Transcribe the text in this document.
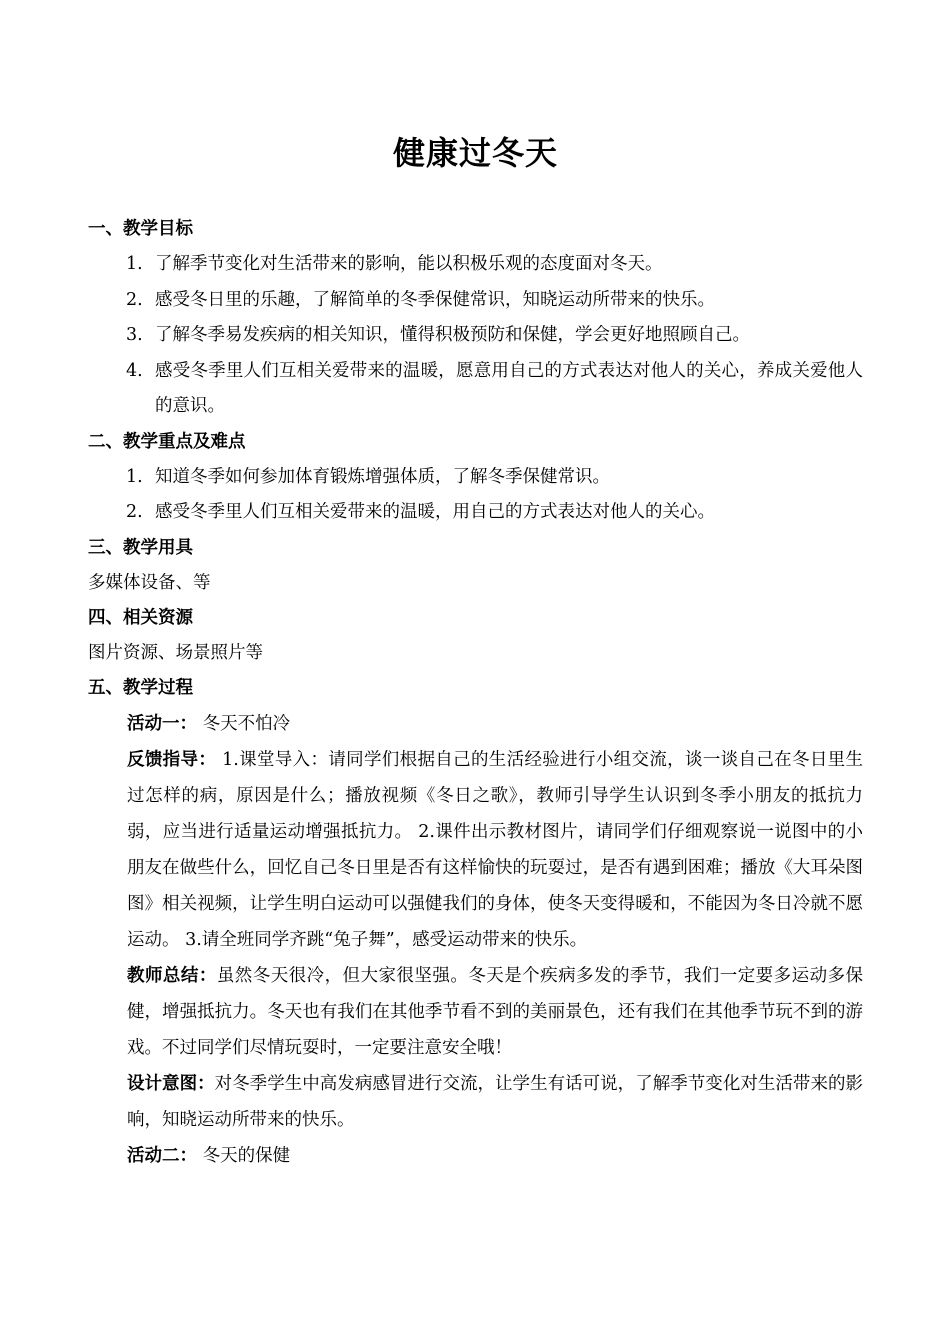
健康过冬天
一、教学目标
1. 了解季节变化对生活带来的影响，能以积极乐观的态度面对冬天。
2. 感受冬日里的乐趣，了解简单的冬季保健常识，知晓运动所带来的快乐。
3. 了解冬季易发疾病的相关知识，懂得积极预防和保健，学会更好地照顾自己。
4. 感受冬季里人们互相关爱带来的温暖，愿意用自己的方式表达对他人的关心，养成关爱他人的意识。
二、教学重点及难点
1. 知道冬季如何参加体育锻炼增强体质，了解冬季保健常识。
2. 感受冬季里人们互相关爱带来的温暖，用自己的方式表达对他人的关心。
三、教学用具
多媒体设备、等
四、相关资源
图片资源、场景照片等
五、教学过程
活动一： 冬天不怕冷
反馈指导： 1.课堂导入：请同学们根据自己的生活经验进行小组交流，谈一谈自己在冬日里生过怎样的病，原因是什么；播放视频《冬日之歌》，教师引导学生认识到冬季小朋友的抵抗力弱，应当进行适量运动增强抵抗力。 2.课件出示教材图片，请同学们仔细观察说一说图中的小朋友在做些什么，回忆自己冬日里是否有这样愉快的玩耍过，是否有遇到困难；播放《大耳朵图图》相关视频，让学生明白运动可以强健我们的身体，使冬天变得暖和，不能因为冬日冷就不愿运动。 3.请全班同学齐跳“兔子舞”，感受运动带来的快乐。
教师总结：虽然冬天很冷，但大家很坚强。冬天是个疾病多发的季节，我们一定要多运动多保健，增强抵抗力。冬天也有我们在其他季节看不到的美丽景色，还有我们在其他季节玩不到的游戏。不过同学们尽情玩耍时，一定要注意安全哦！
设计意图：对冬季学生中高发病感冒进行交流，让学生有话可说，了解季节变化对生活带来的影响，知晓运动所带来的快乐。
活动二： 冬天的保健
